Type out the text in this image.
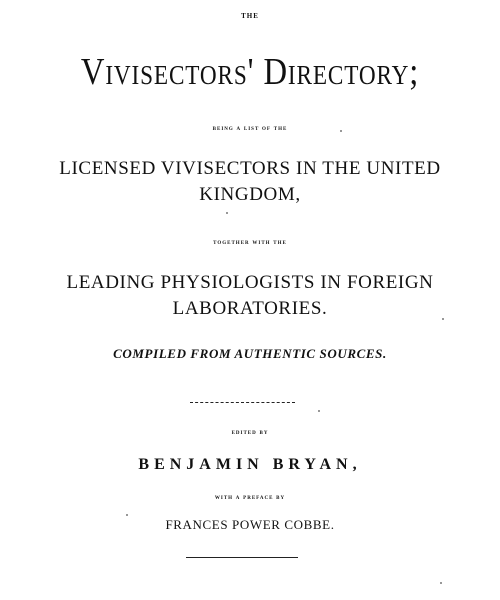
THE
Vivisectors' Directory;
being a list of the
LICENSED VIVISECTORS IN THE UNITED
KINGDOM,
together with the
LEADING PHYSIOLOGISTS IN FOREIGN
LABORATORIES.
COMPILED FROM AUTHENTIC SOURCES.
edited by
BENJAMIN BRYAN,
with a preface by
FRANCES POWER COBBE.
